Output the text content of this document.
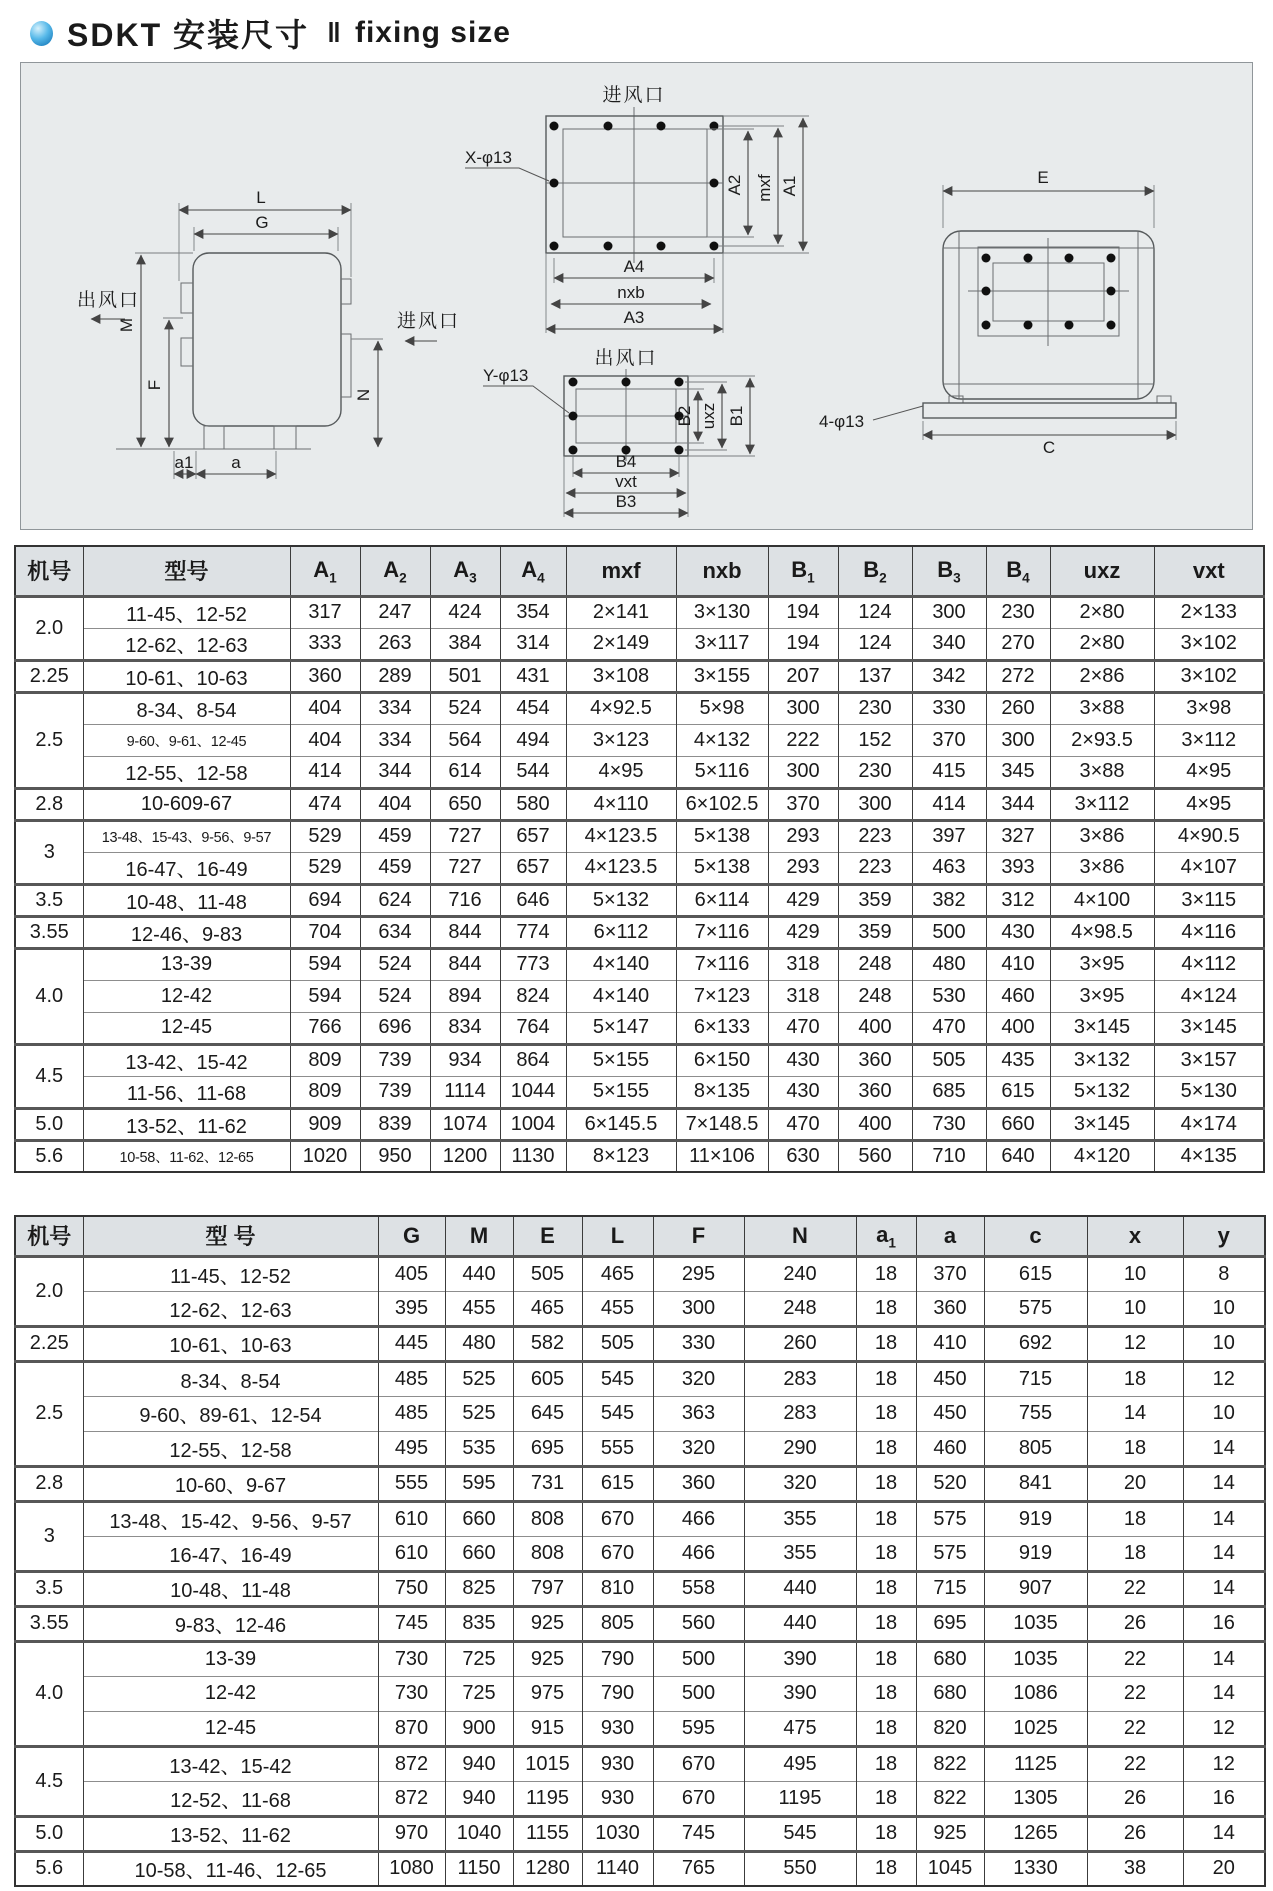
SDKT 安装尺寸 ‖ fixing size
L
G
M
F
N
出风口
进风口
a1 a
进风口
X-φ13
A2 mxf A1
A4
nxb
A3
出风口
Y-φ13
B2 uxz B1
B4
vxt
B3
E
4-φ13
C
机号	型号	$A_1$	$A_2$	$A_3$	$A_4$	mxf	nxb	$B_1$	$B_2$	$B_3$	$B_4$	uxz	vxt
2.0	11-45、12-52	317	247	424	354	2×141	3×130	194	124	300	230	2×80	2×133
	12-62、12-63	333	263	384	314	2×149	3×117	194	124	340	270	2×80	3×102
2.25	10-61、10-63	360	289	501	431	3×108	3×155	207	137	342	272	2×86	3×102
2.5	8-34、8-54	404	334	524	454	4×92.5	5×98	300	230	330	260	3×88	3×98
	9-60、9-61、12-45	404	334	564	494	3×123	4×132	222	152	370	300	2×93.5	3×112
	12-55、12-58	414	344	614	544	4×95	5×116	300	230	415	345	3×88	4×95
2.8	10-609-67	474	404	650	580	4×110	6×102.5	370	300	414	344	3×112	4×95
3	13-48、15-43、9-56、9-57	529	459	727	657	4×123.5	5×138	293	223	397	327	3×86	4×90.5
	16-47、16-49	529	459	727	657	4×123.5	5×138	293	223	463	393	3×86	4×107
3.5	10-48、11-48	694	624	716	646	5×132	6×114	429	359	382	312	4×100	3×115
3.55	12-46、9-83	704	634	844	774	6×112	7×116	429	359	500	430	4×98.5	4×116
4.0	13-39	594	524	844	773	4×140	7×116	318	248	480	410	3×95	4×112
	12-42	594	524	894	824	4×140	7×123	318	248	530	460	3×95	4×124
	12-45	766	696	834	764	5×147	6×133	470	400	470	400	3×145	3×145
4.5	13-42、15-42	809	739	934	864	5×155	6×150	430	360	505	435	3×132	3×157
	11-56、11-68	809	739	1114	1044	5×155	8×135	430	360	685	615	5×132	5×130
5.0	13-52、11-62	909	839	1074	1004	6×145.5	7×148.5	470	400	730	660	3×145	4×174
5.6	10-58、11-62、12-65	1020	950	1200	1130	8×123	11×106	630	560	710	640	4×120	4×135
机号	型 号	G	M	E	L	F	N	$a_1$	a	c	x	y
2.0	11-45、12-52	405	440	505	465	295	240	18	370	615	10	8
	12-62、12-63	395	455	465	455	300	248	18	360	575	10	10
2.25	10-61、10-63	445	480	582	505	330	260	18	410	692	12	10
2.5	8-34、8-54	485	525	605	545	320	283	18	450	715	18	12
	9-60、89-61、12-54	485	525	645	545	363	283	18	450	755	14	10
	12-55、12-58	495	535	695	555	320	290	18	460	805	18	14
2.8	10-60、9-67	555	595	731	615	360	320	18	520	841	20	14
3	13-48、15-42、9-56、9-57	610	660	808	670	466	355	18	575	919	18	14
	16-47、16-49	610	660	808	670	466	355	18	575	919	18	14
3.5	10-48、11-48	750	825	797	810	558	440	18	715	907	22	14
3.55	9-83、12-46	745	835	925	805	560	440	18	695	1035	26	16
4.0	13-39	730	725	925	790	500	390	18	680	1035	22	14
	12-42	730	725	975	790	500	390	18	680	1086	22	14
	12-45	870	900	915	930	595	475	18	820	1025	22	12
4.5	13-42、15-42	872	940	1015	930	670	495	18	822	1125	22	12
	12-52、11-68	872	940	1195	930	670	1195	18	822	1305	26	16
5.0	13-52、11-62	970	1040	1155	1030	745	545	18	925	1265	26	14
5.6	10-58、11-46、12-65	1080	1150	1280	1140	765	550	18	1045	1330	38	20
